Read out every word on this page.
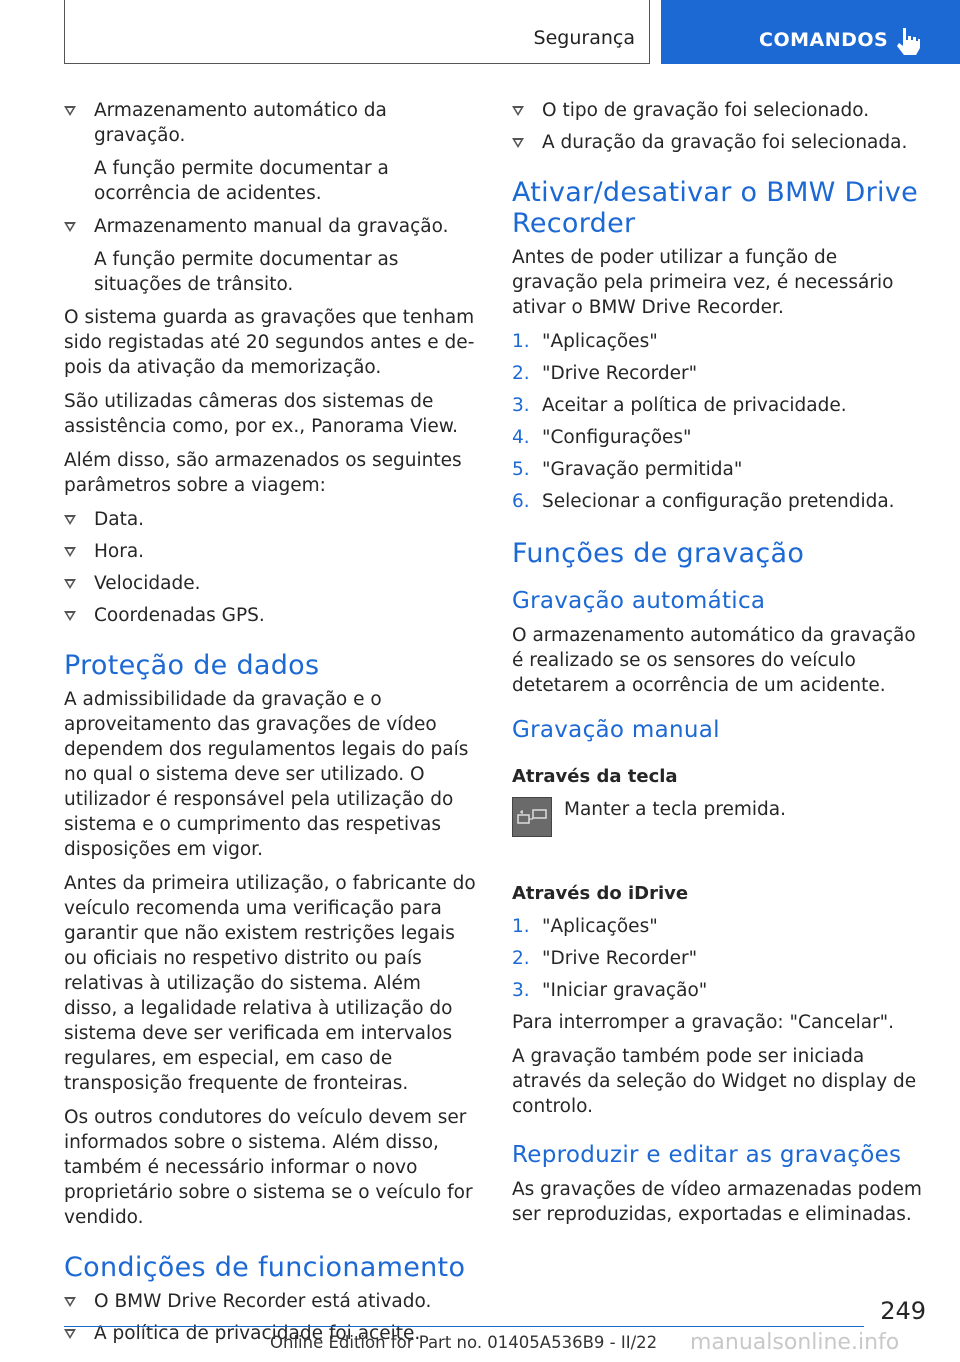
Segurança	COMANDOS
Armazenamento automático da gravação.

A função permite documentar a ocorrência de acidentes.

Armazenamento manual da gravação.

A função permite documentar as situações de trânsito.

O sistema guarda as gravações que tenham sido registadas até 20 segundos antes e depois da ativação da memorização.

São utilizadas câmeras dos sistemas de assistência como, por ex., Panorama View.

Além disso, são armazenados os seguintes parâmetros sobre a viagem:

Data.
Hora.
Velocidade.
Coordenadas GPS.
Proteção de dados

A admissibilidade da gravação e o aproveitamento das gravações de vídeo dependem dos regulamentos legais do país no qual o sistema deve ser utilizado. O utilizador é responsável pela utilização do sistema e o cumprimento das respetivas disposições em vigor.

Antes da primeira utilização, o fabricante do veículo recomenda uma verificação para garantir que não existem restrições legais ou oficiais no respetivo distrito ou país relativas à utilização do sistema. Além disso, a legalidade relativa à utilização do sistema deve ser verificada em intervalos regulares, em especial, em caso de transposição frequente de fronteiras.

Os outros condutores do veículo devem ser informados sobre o sistema. Além disso, também é necessário informar o novo proprietário sobre o sistema se o veículo for vendido.

Condições de funcionamento
O BMW Drive Recorder está ativado.
A política de privacidade foi aceite.
O tipo de gravação foi selecionado.
A duração da gravação foi selecionada.
Ativar/desativar o BMW Drive Recorder

Antes de poder utilizar a função de gravação pela primeira vez, é necessário ativar o BMW Drive Recorder.

1. "Aplicações"
2. "Drive Recorder"
3. Aceitar a política de privacidade.
4. "Configurações"
5. "Gravação permitida"
6. Selecionar a configuração pretendida.
Funções de gravação
Gravação automática

O armazenamento automático da gravação é realizado se os sensores do veículo detetarem a ocorrência de um acidente.

Gravação manual
Através da tecla

Manter a tecla premida.

Através do iDrive
1. "Aplicações"
2. "Drive Recorder"
3. "Iniciar gravação"

Para interromper a gravação: "Cancelar".

A gravação também pode ser iniciada através da seleção do Widget no display de controlo.

Reproduzir e editar as gravações

As gravações de vídeo armazenadas podem ser reproduzidas, exportadas e eliminadas.

249
Online Edition for Part no. 01405A536B9 - II/22 manualsonline.info
